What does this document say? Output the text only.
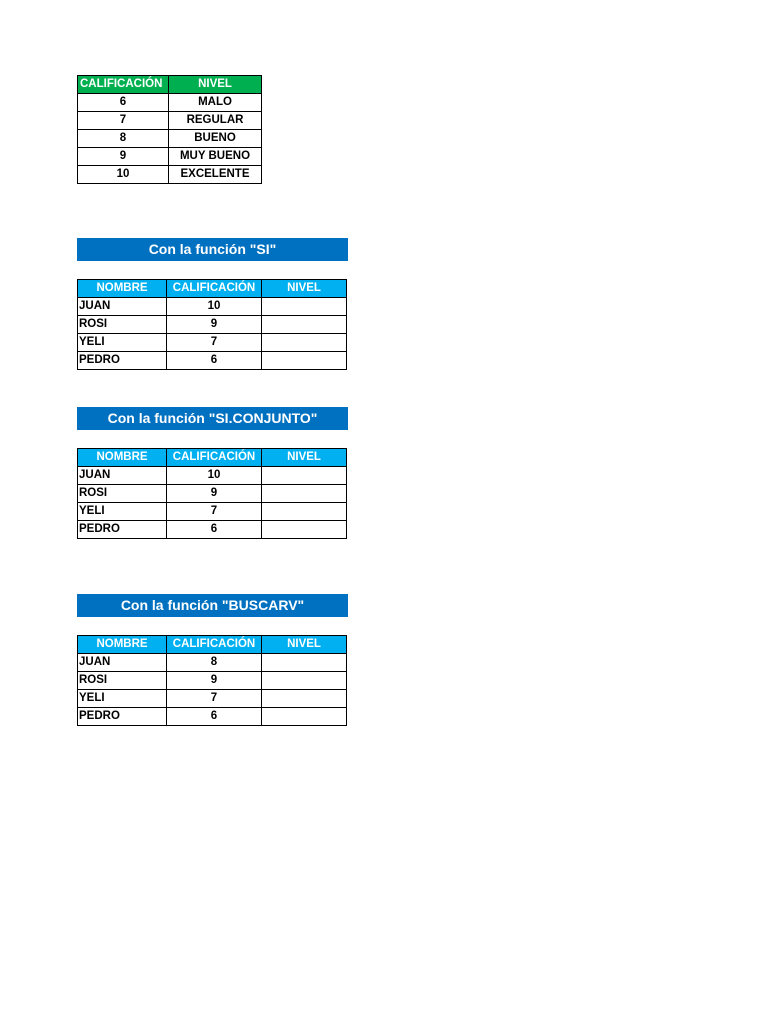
CALIFICACIÓN	NIVEL
6	MALO
7	REGULAR
8	BUENO
9	MUY BUENO
10	EXCELENTE
Con la función "SI"
NOMBRE	CALIFICACIÓN	NIVEL
JUAN	10	
ROSI	9	
YELI	7	
PEDRO	6	
Con la función "SI.CONJUNTO"
NOMBRE	CALIFICACIÓN	NIVEL
JUAN	10	
ROSI	9	
YELI	7	
PEDRO	6	
Con la función "BUSCARV"
NOMBRE	CALIFICACIÓN	NIVEL
JUAN	8	
ROSI	9	
YELI	7	
PEDRO	6	
